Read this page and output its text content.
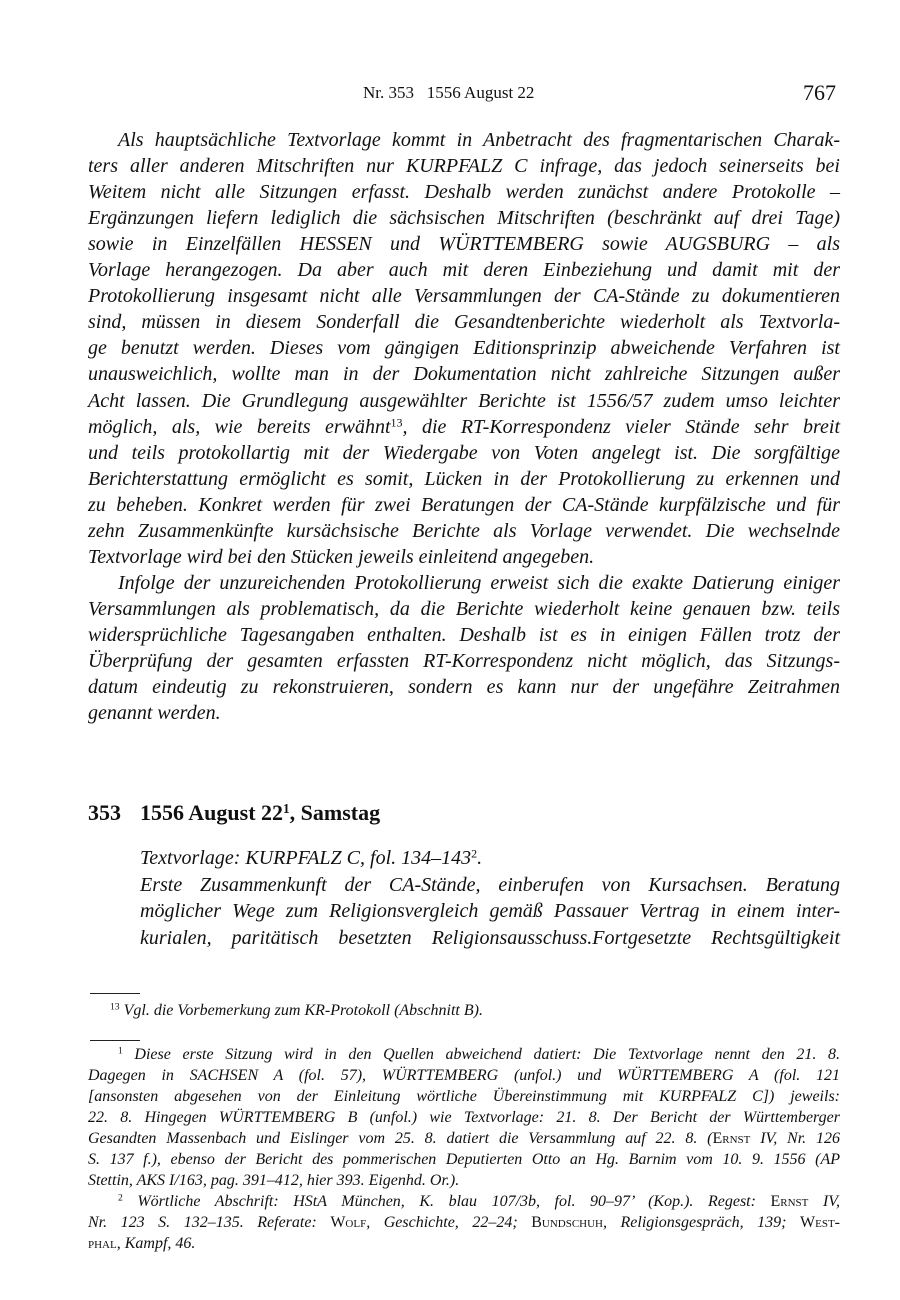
Nr. 353   1556 August 22	767
Als hauptsächliche Textvorlage kommt in Anbetracht des fragmentarischen Charak-
ters aller anderen Mitschriften nur KURPFALZ C infrage, das jedoch seinerseits bei
Weitem nicht alle Sitzungen erfasst. Deshalb werden zunächst andere Protokolle –
Ergänzungen liefern lediglich die sächsischen Mitschriften (beschränkt auf drei Tage)
sowie in Einzelfällen HESSEN und WÜRTTEMBERG sowie AUGSBURG – als
Vorlage herangezogen. Da aber auch mit deren Einbeziehung und damit mit der
Protokollierung insgesamt nicht alle Versammlungen der CA-Stände zu dokumentieren
sind, müssen in diesem Sonderfall die Gesandtenberichte wiederholt als Textvorla-
ge benutzt werden. Dieses vom gängigen Editionsprinzip abweichende Verfahren ist
unausweichlich, wollte man in der Dokumentation nicht zahlreiche Sitzungen außer
Acht lassen. Die Grundlegung ausgewählter Berichte ist 1556/57 zudem umso leichter
möglich, als, wie bereits erwähnt$^{13}$, die RT-Korrespondenz vieler Stände sehr breit
und teils protokollartig mit der Wiedergabe von Voten angelegt ist. Die sorgfältige
Berichterstattung ermöglicht es somit, Lücken in der Protokollierung zu erkennen und
zu beheben. Konkret werden für zwei Beratungen der CA-Stände kurpfälzische und für
zehn Zusammenkünfte kursächsische Berichte als Vorlage verwendet. Die wechselnde
Textvorlage wird bei den Stücken jeweils einleitend angegeben.
Infolge der unzureichenden Protokollierung erweist sich die exakte Datierung einiger
Versammlungen als problematisch, da die Berichte wiederholt keine genauen bzw. teils
widersprüchliche Tagesangaben enthalten. Deshalb ist es in einigen Fällen trotz der
Überprüfung der gesamten erfassten RT-Korrespondenz nicht möglich, das Sitzungs-
datum eindeutig zu rekonstruieren, sondern es kann nur der ungefähre Zeitrahmen
genannt werden.
353 1556 August $22^1$, Samstag
Textvorlage: KURPFALZ C, fol. $134-143^2$.
Erste Zusammenkunft der CA-Stände, einberufen von Kursachsen. Beratung
möglicher Wege zum Religionsvergleich gemäß Passauer Vertrag in einem inter-
kurialen, paritätisch besetzten Religionsausschuss.Fortgesetzte Rechtsgültigkeit
$^{13}$ Vgl. die Vorbemerkung zum KR-Protokoll (Abschnitt B).
$^1$ Diese erste Sitzung wird in den Quellen abweichend datiert: Die Textvorlage nennt den 21. 8.
Dagegen in SACHSEN A (fol. 57), WÜRTTEMBERG (unfol.) und WÜRTTEMBERG A (fol. 121
[ansonsten abgesehen von der Einleitung wörtliche Übereinstimmung mit KURPFALZ C]) jeweils:
22. 8. Hingegen WÜRTTEMBERG B (unfol.) wie Textvorlage: 21. 8. Der Bericht der Württemberger
Gesandten Massenbach und Eislinger vom 25. 8. datiert die Versammlung auf 22. 8. (Ernst IV, Nr. 126
S. 137 f.), ebenso der Bericht des pommerischen Deputierten Otto an Hg. Barnim vom 10. 9. 1556 (AP
Stettin, AKS I/163, pag. 391–412, hier 393. Eigenhd. Or.).
$^2$ Wörtliche Abschrift: HStA München, K. blau 107/3b, fol. 90–97’ (Kop.). Regest: Ernst IV,
Nr. 123 S. 132–135. Referate: Wolf, Geschichte, 22–24; Bundschuh, Religionsgespräch, 139; West-
phal, Kampf, 46.
